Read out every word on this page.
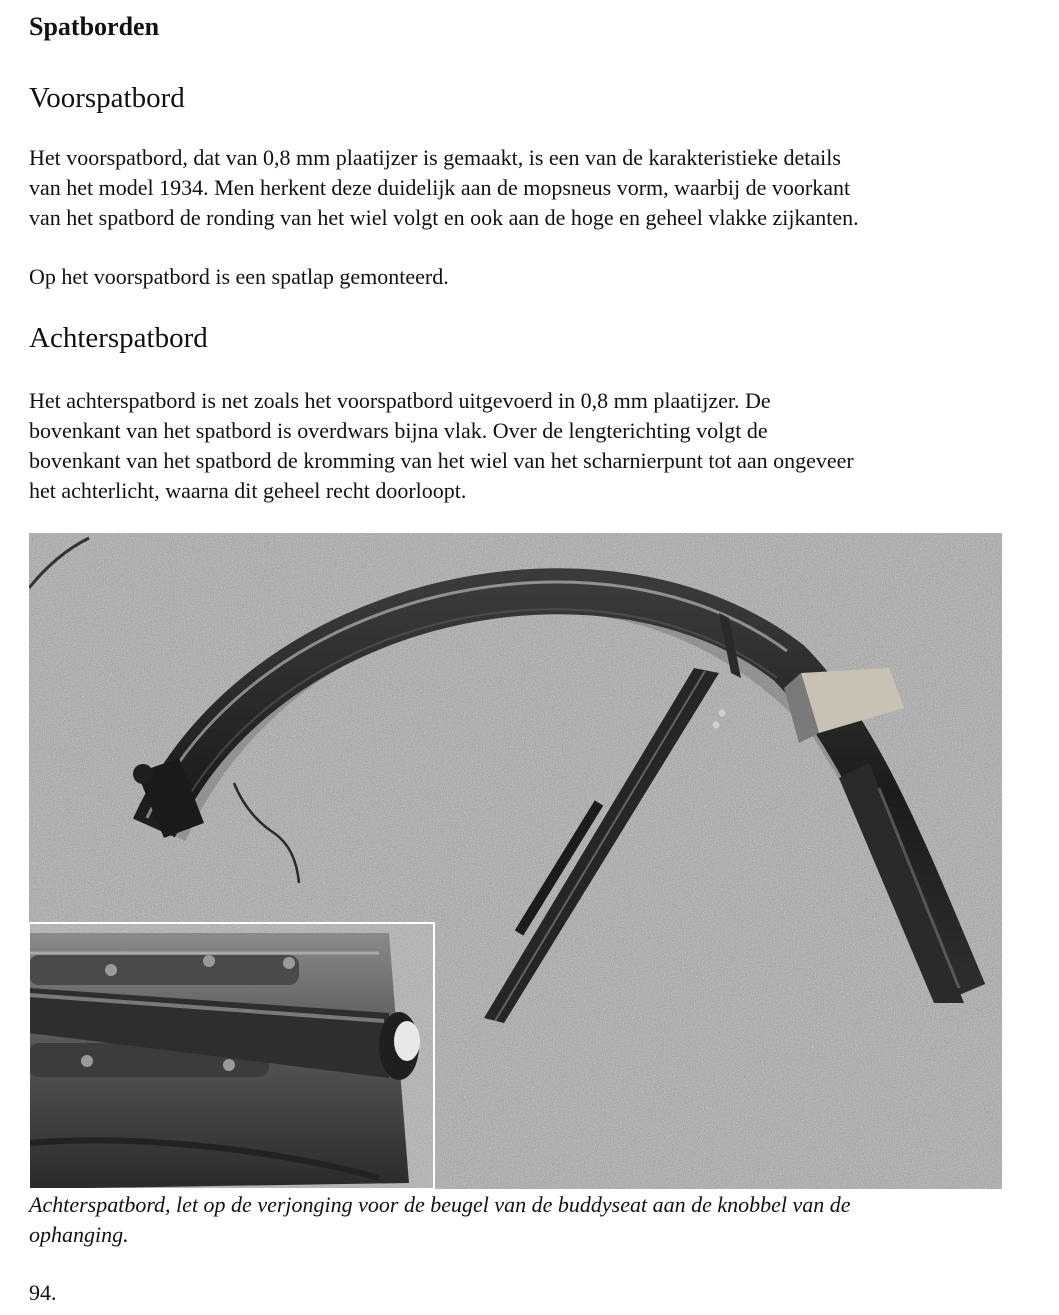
Spatborden
Voorspatbord

Het voorspatbord, dat van 0,8 mm plaatijzer is gemaakt, is een van de karakteristieke details
van het model 1934. Men herkent deze duidelijk aan de mopsneus vorm, waarbij de voorkant
van het spatbord de ronding van het wiel volgt en ook aan de hoge en geheel vlakke zijkanten.

Op het voorspatbord is een spatlap gemonteerd.

Achterspatbord

Het achterspatbord is net zoals het voorspatbord uitgevoerd in 0,8 mm plaatijzer. De
bovenkant van het spatbord is overdwars bijna vlak. Over de lengterichting volgt de
bovenkant van het spatbord de kromming van het wiel van het scharnierpunt tot aan ongeveer
het achterlicht, waarna dit geheel recht doorloopt.

Achterspatbord, let op de verjonging voor de beugel van de buddyseat aan de knobbel van de
ophanging.

94.
